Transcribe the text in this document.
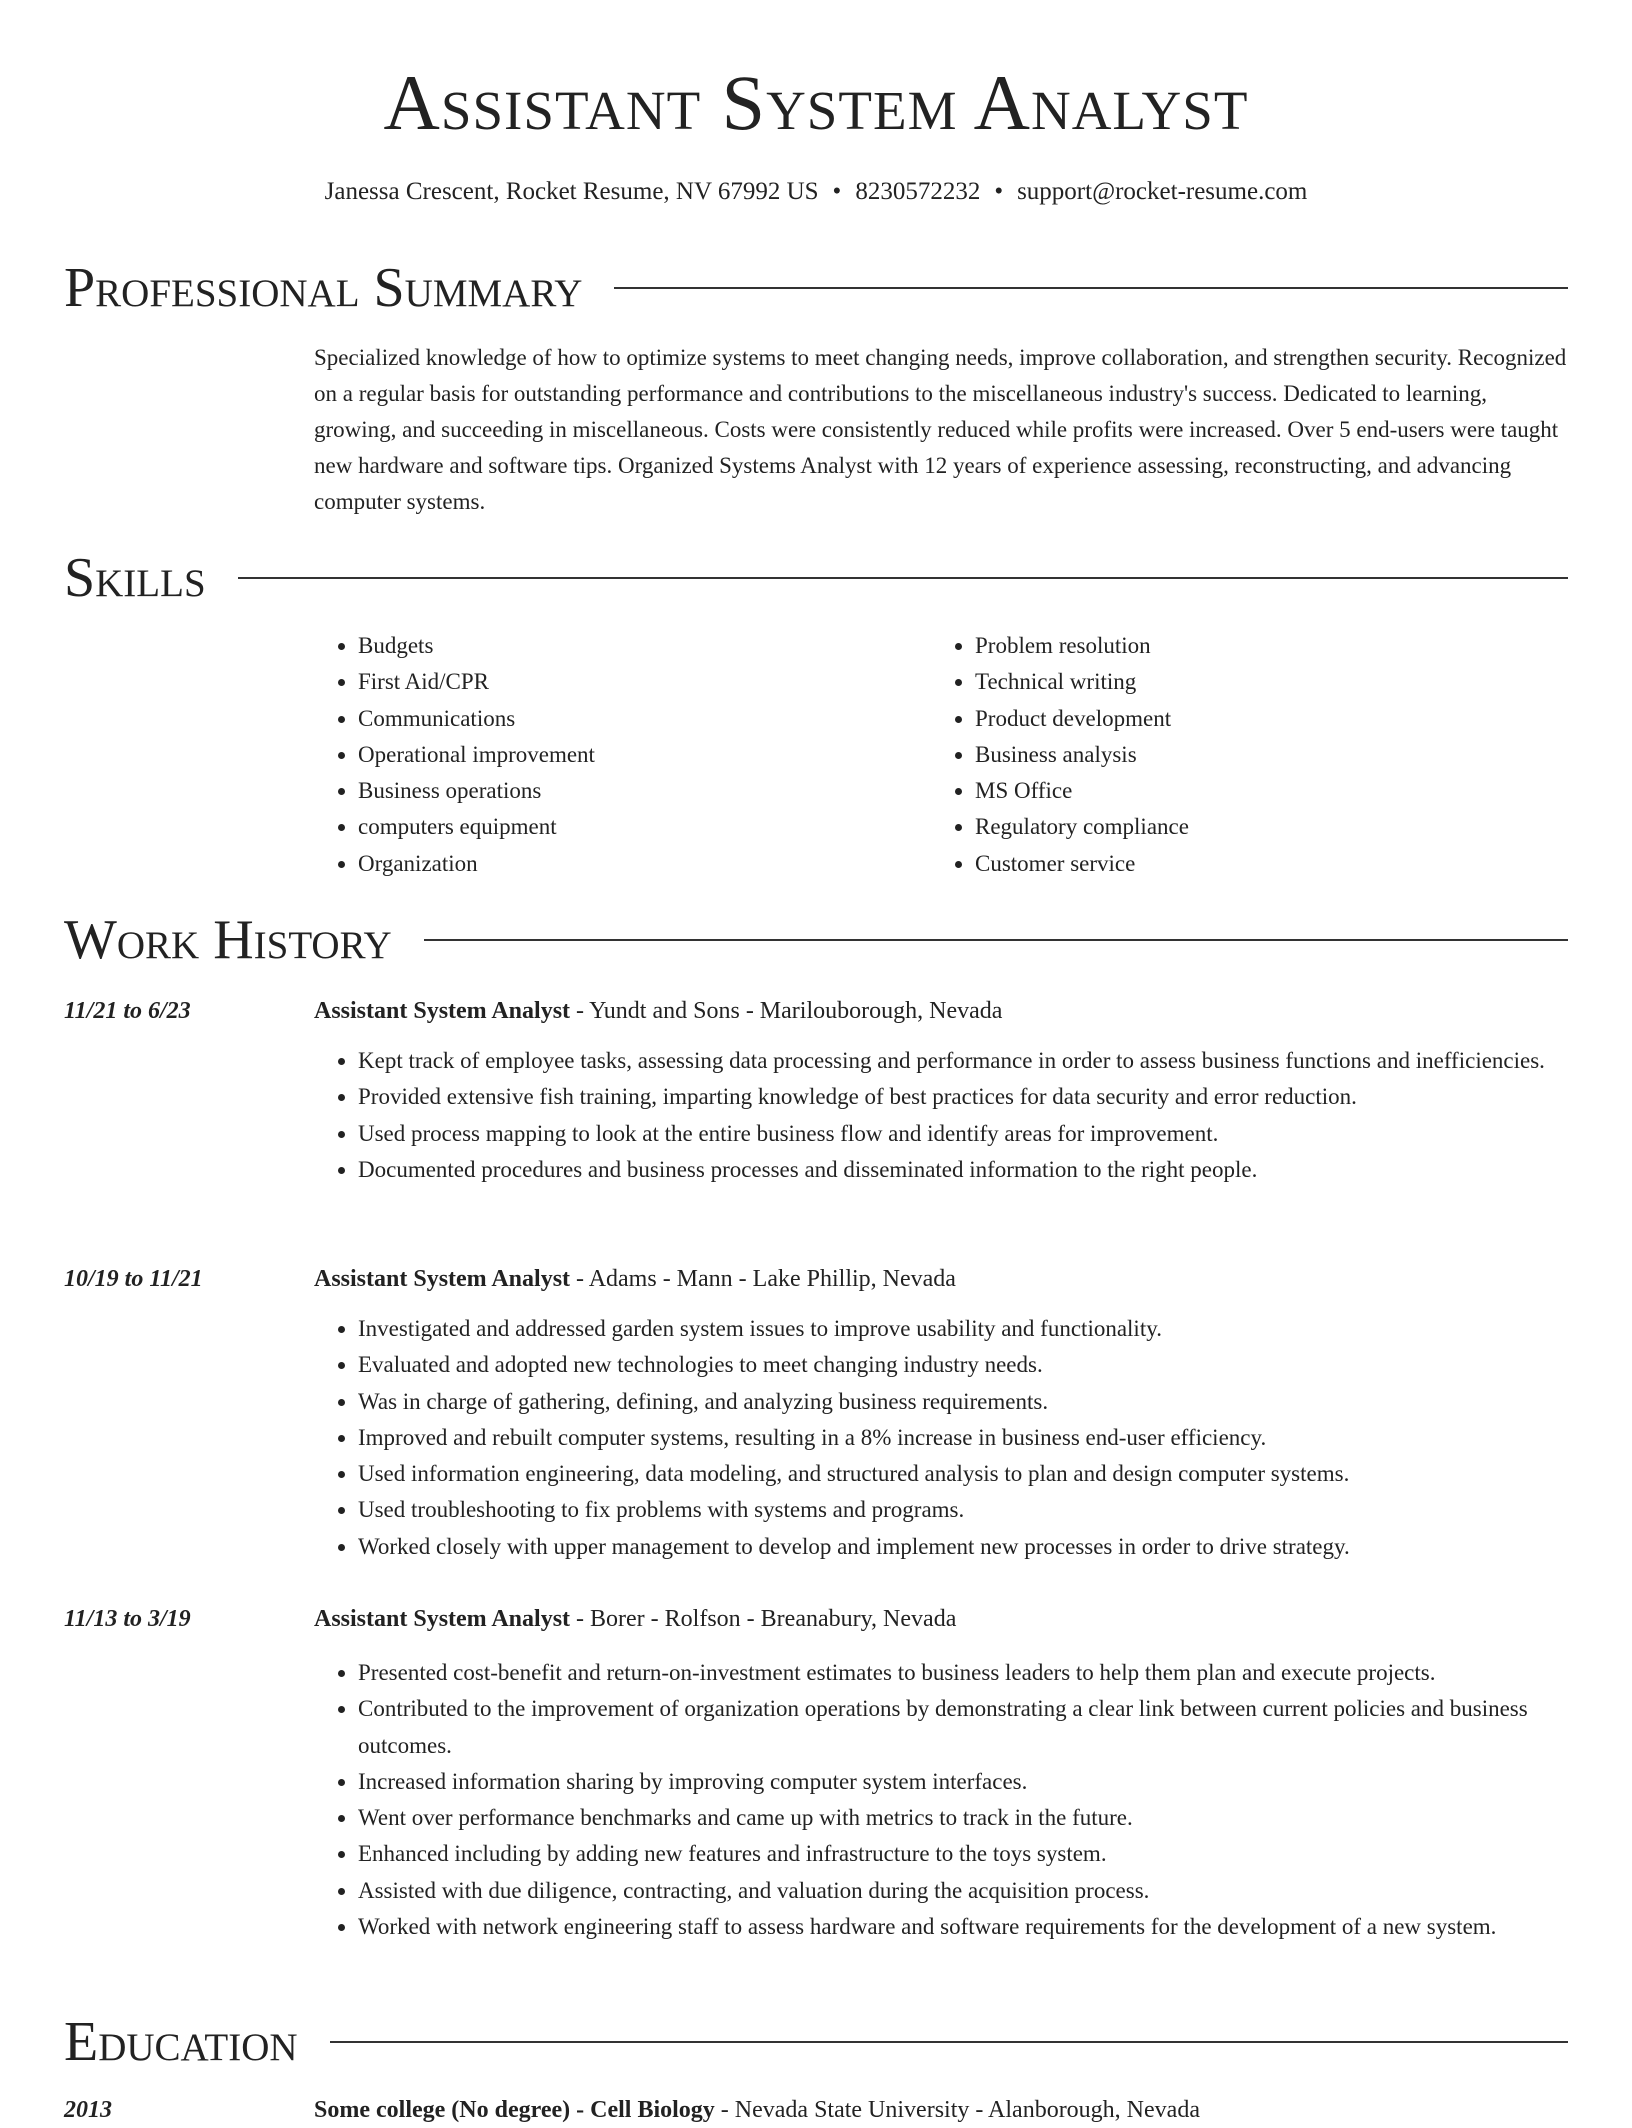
Assistant System Analyst
Janessa Crescent, Rocket Resume, NV 67992 US • 8230572232 • support@rocket-resume.com
Professional Summary

Specialized knowledge of how to optimize systems to meet changing needs, improve collaboration, and strengthen security. Recognized on a regular basis for outstanding performance and contributions to the miscellaneous industry's success. Dedicated to learning, growing, and succeeding in miscellaneous. Costs were consistently reduced while profits were increased. Over 5 end-users were taught new hardware and software tips. Organized Systems Analyst with 12 years of experience assessing, reconstructing, and advancing computer systems.

Skills
• Budgets
• First Aid/CPR
• Communications
• Operational improvement
• Business operations
• computers equipment
• Organization
• Problem resolution
• Technical writing
• Product development
• Business analysis
• MS Office
• Regulatory compliance
• Customer service
Work History
11/21 to 6/23	Assistant System Analyst - Yundt and Sons - Marilouborough, Nevada
• Kept track of employee tasks, assessing data processing and performance in order to assess business functions and inefficiencies.
• Provided extensive fish training, imparting knowledge of best practices for data security and error reduction.
• Used process mapping to look at the entire business flow and identify areas for improvement.
• Documented procedures and business processes and disseminated information to the right people.
10/19 to 11/21	Assistant System Analyst - Adams - Mann - Lake Phillip, Nevada
• Investigated and addressed garden system issues to improve usability and functionality.
• Evaluated and adopted new technologies to meet changing industry needs.
• Was in charge of gathering, defining, and analyzing business requirements.
• Improved and rebuilt computer systems, resulting in a 8% increase in business end-user efficiency.
• Used information engineering, data modeling, and structured analysis to plan and design computer systems.
• Used troubleshooting to fix problems with systems and programs.
• Worked closely with upper management to develop and implement new processes in order to drive strategy.
11/13 to 3/19	Assistant System Analyst - Borer - Rolfson - Breanabury, Nevada
• Presented cost-benefit and return-on-investment estimates to business leaders to help them plan and execute projects.
• Contributed to the improvement of organization operations by demonstrating a clear link between current policies and business outcomes.
• Increased information sharing by improving computer system interfaces.
• Went over performance benchmarks and came up with metrics to track in the future.
• Enhanced including by adding new features and infrastructure to the toys system.
• Assisted with due diligence, contracting, and valuation during the acquisition process.
• Worked with network engineering staff to assess hardware and software requirements for the development of a new system.
Education
2013	Some college (No degree) - Cell Biology - Nevada State University - Alanborough, Nevada
